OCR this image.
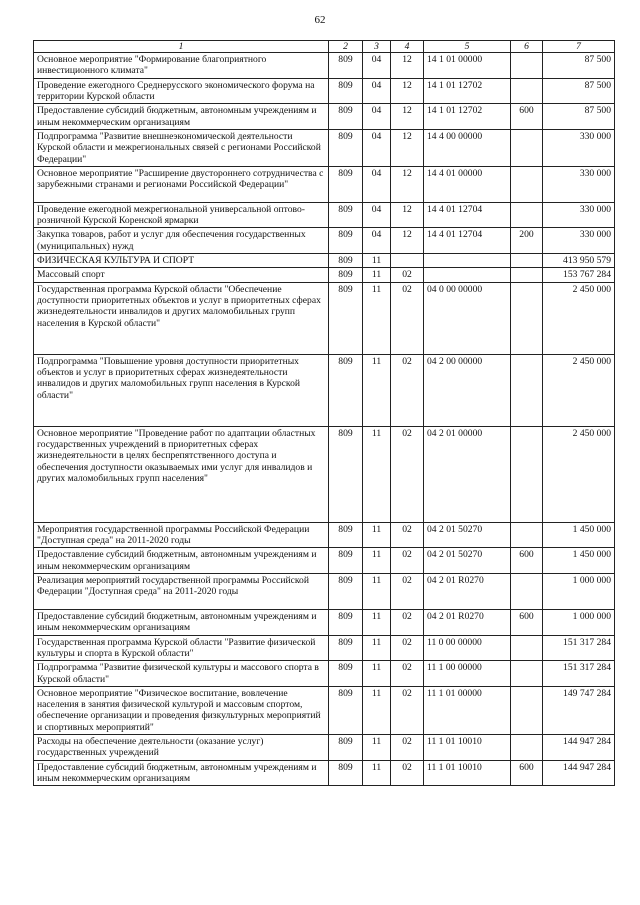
62
1	2	3	4	5	6	7
Основное мероприятие "Формирование благоприятного инвестиционного климата"	809	04	12	14 1 01 00000		87 500
Проведение ежегодного Среднерусского экономического форума на территории Курской области	809	04	12	14 1 01 12702		87 500
Предоставление субсидий бюджетным, автономным учреждениям и иным некоммерческим организациям	809	04	12	14 1 01 12702	600	87 500
Подпрограмма "Развитие внешнеэкономической деятельности Курской области и межрегиональных связей с регионами Российской Федерации"	809	04	12	14 4 00 00000		330 000
Основное мероприятие "Расширение двустороннего сотрудничества с зарубежными странами и регионами Российской Федерации"	809	04	12	14 4 01 00000		330 000
Проведение ежегодной межрегиональной универсальной оптово-розничной Курской Коренской ярмарки	809	04	12	14 4 01 12704		330 000
Закупка товаров, работ и услуг для обеспечения государственных (муниципальных) нужд	809	04	12	14 4 01 12704	200	330 000
ФИЗИЧЕСКАЯ КУЛЬТУРА И СПОРТ	809	11				413 950 579
Массовый спорт	809	11	02			153 767 284
Государственная программа Курской области "Обеспечение доступности приоритетных объектов и услуг в приоритетных сферах жизнедеятельности инвалидов и других маломобильных групп населения в Курской области"	809	11	02	04 0 00 00000		2 450 000
Подпрограмма "Повышение уровня доступности приоритетных объектов и услуг в приоритетных сферах жизнедеятельности инвалидов и других маломобильных групп населения в Курской области"	809	11	02	04 2 00 00000		2 450 000
Основное мероприятие "Проведение работ по адаптации областных государственных учреждений в приоритетных сферах жизнедеятельности в целях беспрепятственного доступа и обеспечения доступности оказываемых ими услуг для инвалидов и других маломобильных групп населения"	809	11	02	04 2 01 00000		2 450 000
Мероприятия государственной программы Российской Федерации "Доступная среда" на 2011-2020 годы	809	11	02	04 2 01 50270		1 450 000
Предоставление субсидий бюджетным, автономным учреждениям и иным некоммерческим организациям	809	11	02	04 2 01 50270	600	1 450 000
Реализация мероприятий государственной программы Российской Федерации "Доступная среда" на 2011-2020 годы	809	11	02	04 2 01 R0270		1 000 000
Предоставление субсидий бюджетным, автономным учреждениям и иным некоммерческим организациям	809	11	02	04 2 01 R0270	600	1 000 000
Государственная программа Курской области "Развитие физической культуры и спорта в Курской области"	809	11	02	11 0 00 00000		151 317 284
Подпрограмма "Развитие физической культуры и массового спорта в Курской области"	809	11	02	11 1 00 00000		151 317 284
Основное мероприятие "Физическое воспитание, вовлечение населения в занятия физической культурой и массовым спортом, обеспечение организации и проведения физкультурных мероприятий и спортивных мероприятий"	809	11	02	11 1 01 00000		149 747 284
Расходы на обеспечение деятельности (оказание услуг) государственных учреждений	809	11	02	11 1 01 10010		144 947 284
Предоставление субсидий бюджетным, автономным учреждениям и иным некоммерческим организациям	809	11	02	11 1 01 10010	600	144 947 284
